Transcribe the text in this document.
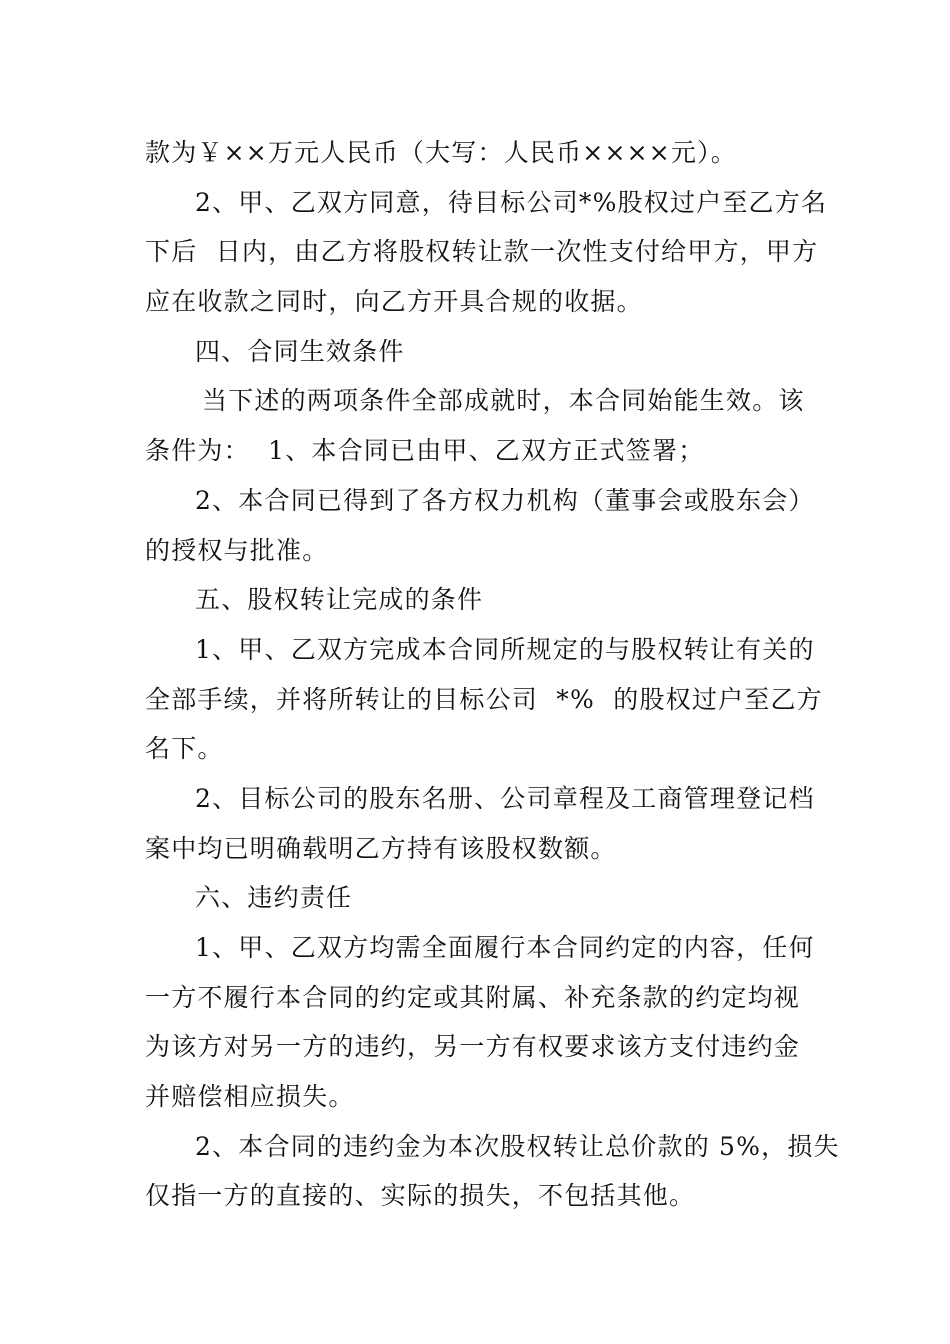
款为￥××万元人民币（大写：人民币××××元）。
2、甲、乙双方同意，待目标公司*%股权过户至乙方名
下后  日内，由乙方将股权转让款一次性支付给甲方，甲方
应在收款之同时，向乙方开具合规的收据。
四、合同生效条件
当下述的两项条件全部成就时，本合同始能生效。该
条件为：  1、本合同已由甲、乙双方正式签署；
2、本合同已得到了各方权力机构（董事会或股东会）
的授权与批准。
五、股权转让完成的条件
1、甲、乙双方完成本合同所规定的与股权转让有关的
全部手续，并将所转让的目标公司  *%  的股权过户至乙方
名下。
2、目标公司的股东名册、公司章程及工商管理登记档
案中均已明确载明乙方持有该股权数额。
六、违约责任
1、甲、乙双方均需全面履行本合同约定的内容，任何
一方不履行本合同的约定或其附属、补充条款的约定均视
为该方对另一方的违约，另一方有权要求该方支付违约金
并赔偿相应损失。
2、本合同的违约金为本次股权转让总价款的 5%，损失
仅指一方的直接的、实际的损失，不包括其他。
